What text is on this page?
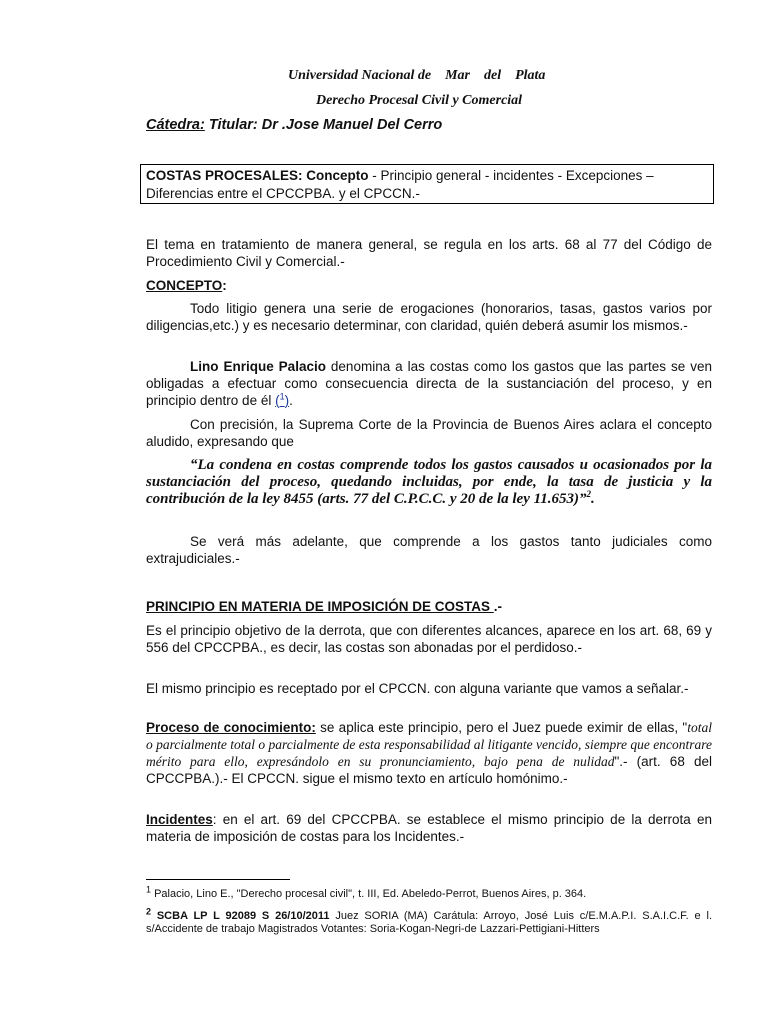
Universidad Nacional de    Mar    del    Plata
Derecho Procesal Civil y Comercial
Cátedra: Titular: Dr .Jose Manuel Del Cerro
COSTAS PROCESALES: Concepto - Principio general - incidentes - Excepciones – Diferencias entre el CPCCPBA. y el CPCCN.-
El tema en tratamiento de manera general, se regula en los arts. 68 al 77 del Código de Procedimiento Civil y Comercial.-
CONCEPTO:
Todo litigio genera una serie de erogaciones (honorarios, tasas, gastos varios por diligencias,etc.) y es necesario determinar, con claridad, quién deberá asumir los mismos.-
Lino Enrique Palacio denomina a las costas como los gastos que las partes se ven obligadas a efectuar como consecuencia directa de la sustanciación del proceso, y en principio dentro de él ($^1$).
Con precisión, la Suprema Corte de la Provincia de Buenos Aires aclara el concepto aludido, expresando que
“La condena en costas comprende todos los gastos causados u ocasionados por la sustanciación del proceso, quedando incluidas, por ende, la tasa de justicia y la contribución de la ley 8455 (arts. 77 del C.P.C.C. y 20 de la ley 11.653)”$^2$.
Se verá más adelante, que comprende a los gastos tanto judiciales como extrajudiciales.-
PRINCIPIO EN MATERIA DE IMPOSICIÓN DE COSTAS .-
Es el principio objetivo de la derrota, que con diferentes alcances, aparece en los art. 68, 69 y 556 del CPCCPBA., es decir, las costas son abonadas por el perdidoso.-
El mismo principio es receptado por el CPCCN. con alguna variante que vamos a señalar.-
Proceso de conocimiento: se aplica este principio, pero el Juez puede eximir de ellas, "total o parcialmente total o parcialmente de esta responsabilidad al litigante vencido, siempre que encontrare mérito para ello, expresándolo en su pronunciamiento, bajo pena de nulidad".- (art. 68 del CPCCPBA.).- El CPCCN. sigue el mismo texto en artículo homónimo.-
Incidentes: en el art. 69 del CPCCPBA. se establece el mismo principio de la derrota en materia de imposición de costas para los Incidentes.-
$^1$ Palacio, Lino E., "Derecho procesal civil", t. III, Ed. Abeledo-Perrot, Buenos Aires, p. 364.
$^2$ SCBA LP L 92089 S 26/10/2011 Juez SORIA (MA) Carátula: Arroyo, José Luis c/E.M.A.P.I. S.A.I.C.F. e l. s/Accidente de trabajo Magistrados Votantes: Soria-Kogan-Negri-de Lazzari-Pettigiani-Hitters
